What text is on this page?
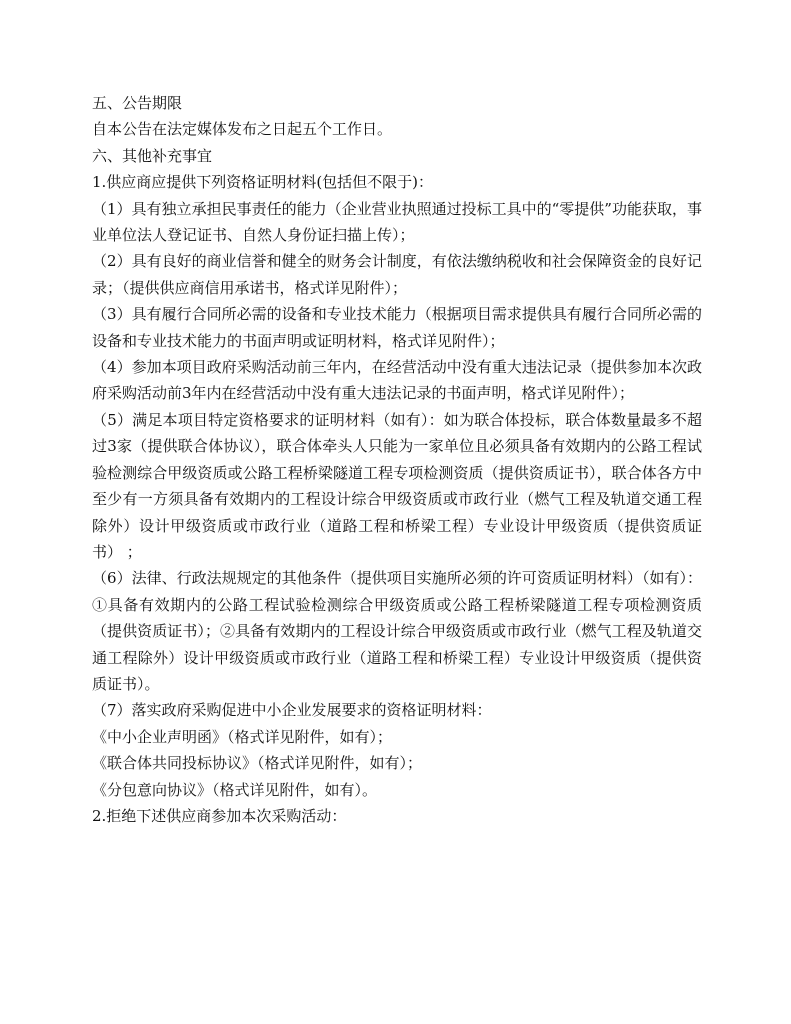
五、公告期限

自本公告在法定媒体发布之日起五个工作日。

六、其他补充事宜

1.供应商应提供下列资格证明材料(包括但不限于)：

（1）具有独立承担民事责任的能力（企业营业执照通过投标工具中的“零提供”功能获取，事业单位法人登记证书、自然人身份证扫描上传）；

（2）具有良好的商业信誉和健全的财务会计制度，有依法缴纳税收和社会保障资金的良好记录；（提供供应商信用承诺书，格式详见附件）；

（3）具有履行合同所必需的设备和专业技术能力（根据项目需求提供具有履行合同所必需的设备和专业技术能力的书面声明或证明材料，格式详见附件）；

（4）参加本项目政府采购活动前三年内，在经营活动中没有重大违法记录（提供参加本次政府采购活动前3年内在经营活动中没有重大违法记录的书面声明，格式详见附件）；

（5）满足本项目特定资格要求的证明材料（如有）：如为联合体投标，联合体数量最多不超过3家（提供联合体协议），联合体牵头人只能为一家单位且必须具备有效期内的公路工程试验检测综合甲级资质或公路工程桥梁隧道工程专项检测资质（提供资质证书），联合体各方中至少有一方须具备有效期内的工程设计综合甲级资质或市政行业（燃气工程及轨道交通工程除外）设计甲级资质或市政行业（道路工程和桥梁工程）专业设计甲级资质（提供资质证书） ；

（6）法律、行政法规规定的其他条件（提供项目实施所必须的许可资质证明材料）（如有）：①具备有效期内的公路工程试验检测综合甲级资质或公路工程桥梁隧道工程专项检测资质（提供资质证书）；②具备有效期内的工程设计综合甲级资质或市政行业（燃气工程及轨道交通工程除外）设计甲级资质或市政行业（道路工程和桥梁工程）专业设计甲级资质（提供资质证书）。

（7）落实政府采购促进中小企业发展要求的资格证明材料：

《中小企业声明函》（格式详见附件，如有）；

《联合体共同投标协议》（格式详见附件，如有）；

《分包意向协议》（格式详见附件，如有）。

2.拒绝下述供应商参加本次采购活动：
